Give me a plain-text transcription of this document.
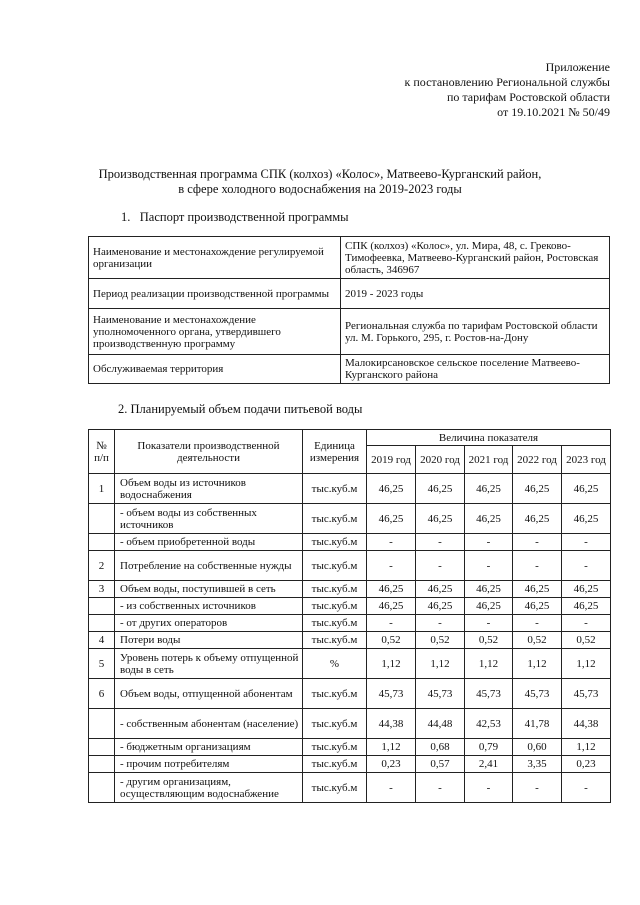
Приложение
к постановлению Региональной службы
по тарифам Ростовской области
от 19.10.2021 № 50/49
Производственная программа СПК (колхоз) «Колос», Матвеево-Курганский район,
в сфере холодного водоснабжения на 2019-2023 годы
1.   Паспорт производственной программы
Наименование и местонахождение регулируемой организации	СПК (колхоз) «Колос», ул. Мира, 48, с. Греково-Тимофеевка, Матвеево-Курганский район, Ростовская область, 346967
Период реализации производственной программы	2019 - 2023 годы
Наименование и местонахождение уполномоченного органа, утвердившего производственную программу	Региональная служба по тарифам Ростовской области ул. М. Горького, 295, г. Ростов-на-Дону
Обслуживаемая территория	Малокирсановское сельское поселение Матвеево-Курганского района
2. Планируемый объем подачи питьевой воды
№ п/п	Показатели производственной деятельности	Единица измерения	Величина показателя				
			2019 год	2020 год	2021 год	2022 год	2023 год
1	Объем воды из источников водоснабжения	тыс.куб.м	46,25	46,25	46,25	46,25	46,25
	- объем воды из собственных источников	тыс.куб.м	46,25	46,25	46,25	46,25	46,25
	- объем приобретенной воды	тыс.куб.м	-	-	-	-	-
2	Потребление на собственные нужды	тыс.куб.м	-	-	-	-	-
3	Объем воды, поступившей в сеть	тыс.куб.м	46,25	46,25	46,25	46,25	46,25
	- из собственных источников	тыс.куб.м	46,25	46,25	46,25	46,25	46,25
	- от других операторов	тыс.куб.м	-	-	-	-	-
4	Потери воды	тыс.куб.м	0,52	0,52	0,52	0,52	0,52
5	Уровень потерь к объему отпущенной воды в сеть	%	1,12	1,12	1,12	1,12	1,12
6	Объем воды, отпущенной абонентам	тыс.куб.м	45,73	45,73	45,73	45,73	45,73
	- собственным абонентам (население)	тыс.куб.м	44,38	44,48	42,53	41,78	44,38
	- бюджетным организациям	тыс.куб.м	1,12	0,68	0,79	0,60	1,12
	- прочим потребителям	тыс.куб.м	0,23	0,57	2,41	3,35	0,23
	- другим организациям, осуществляющим водоснабжение	тыс.куб.м	-	-	-	-	-
